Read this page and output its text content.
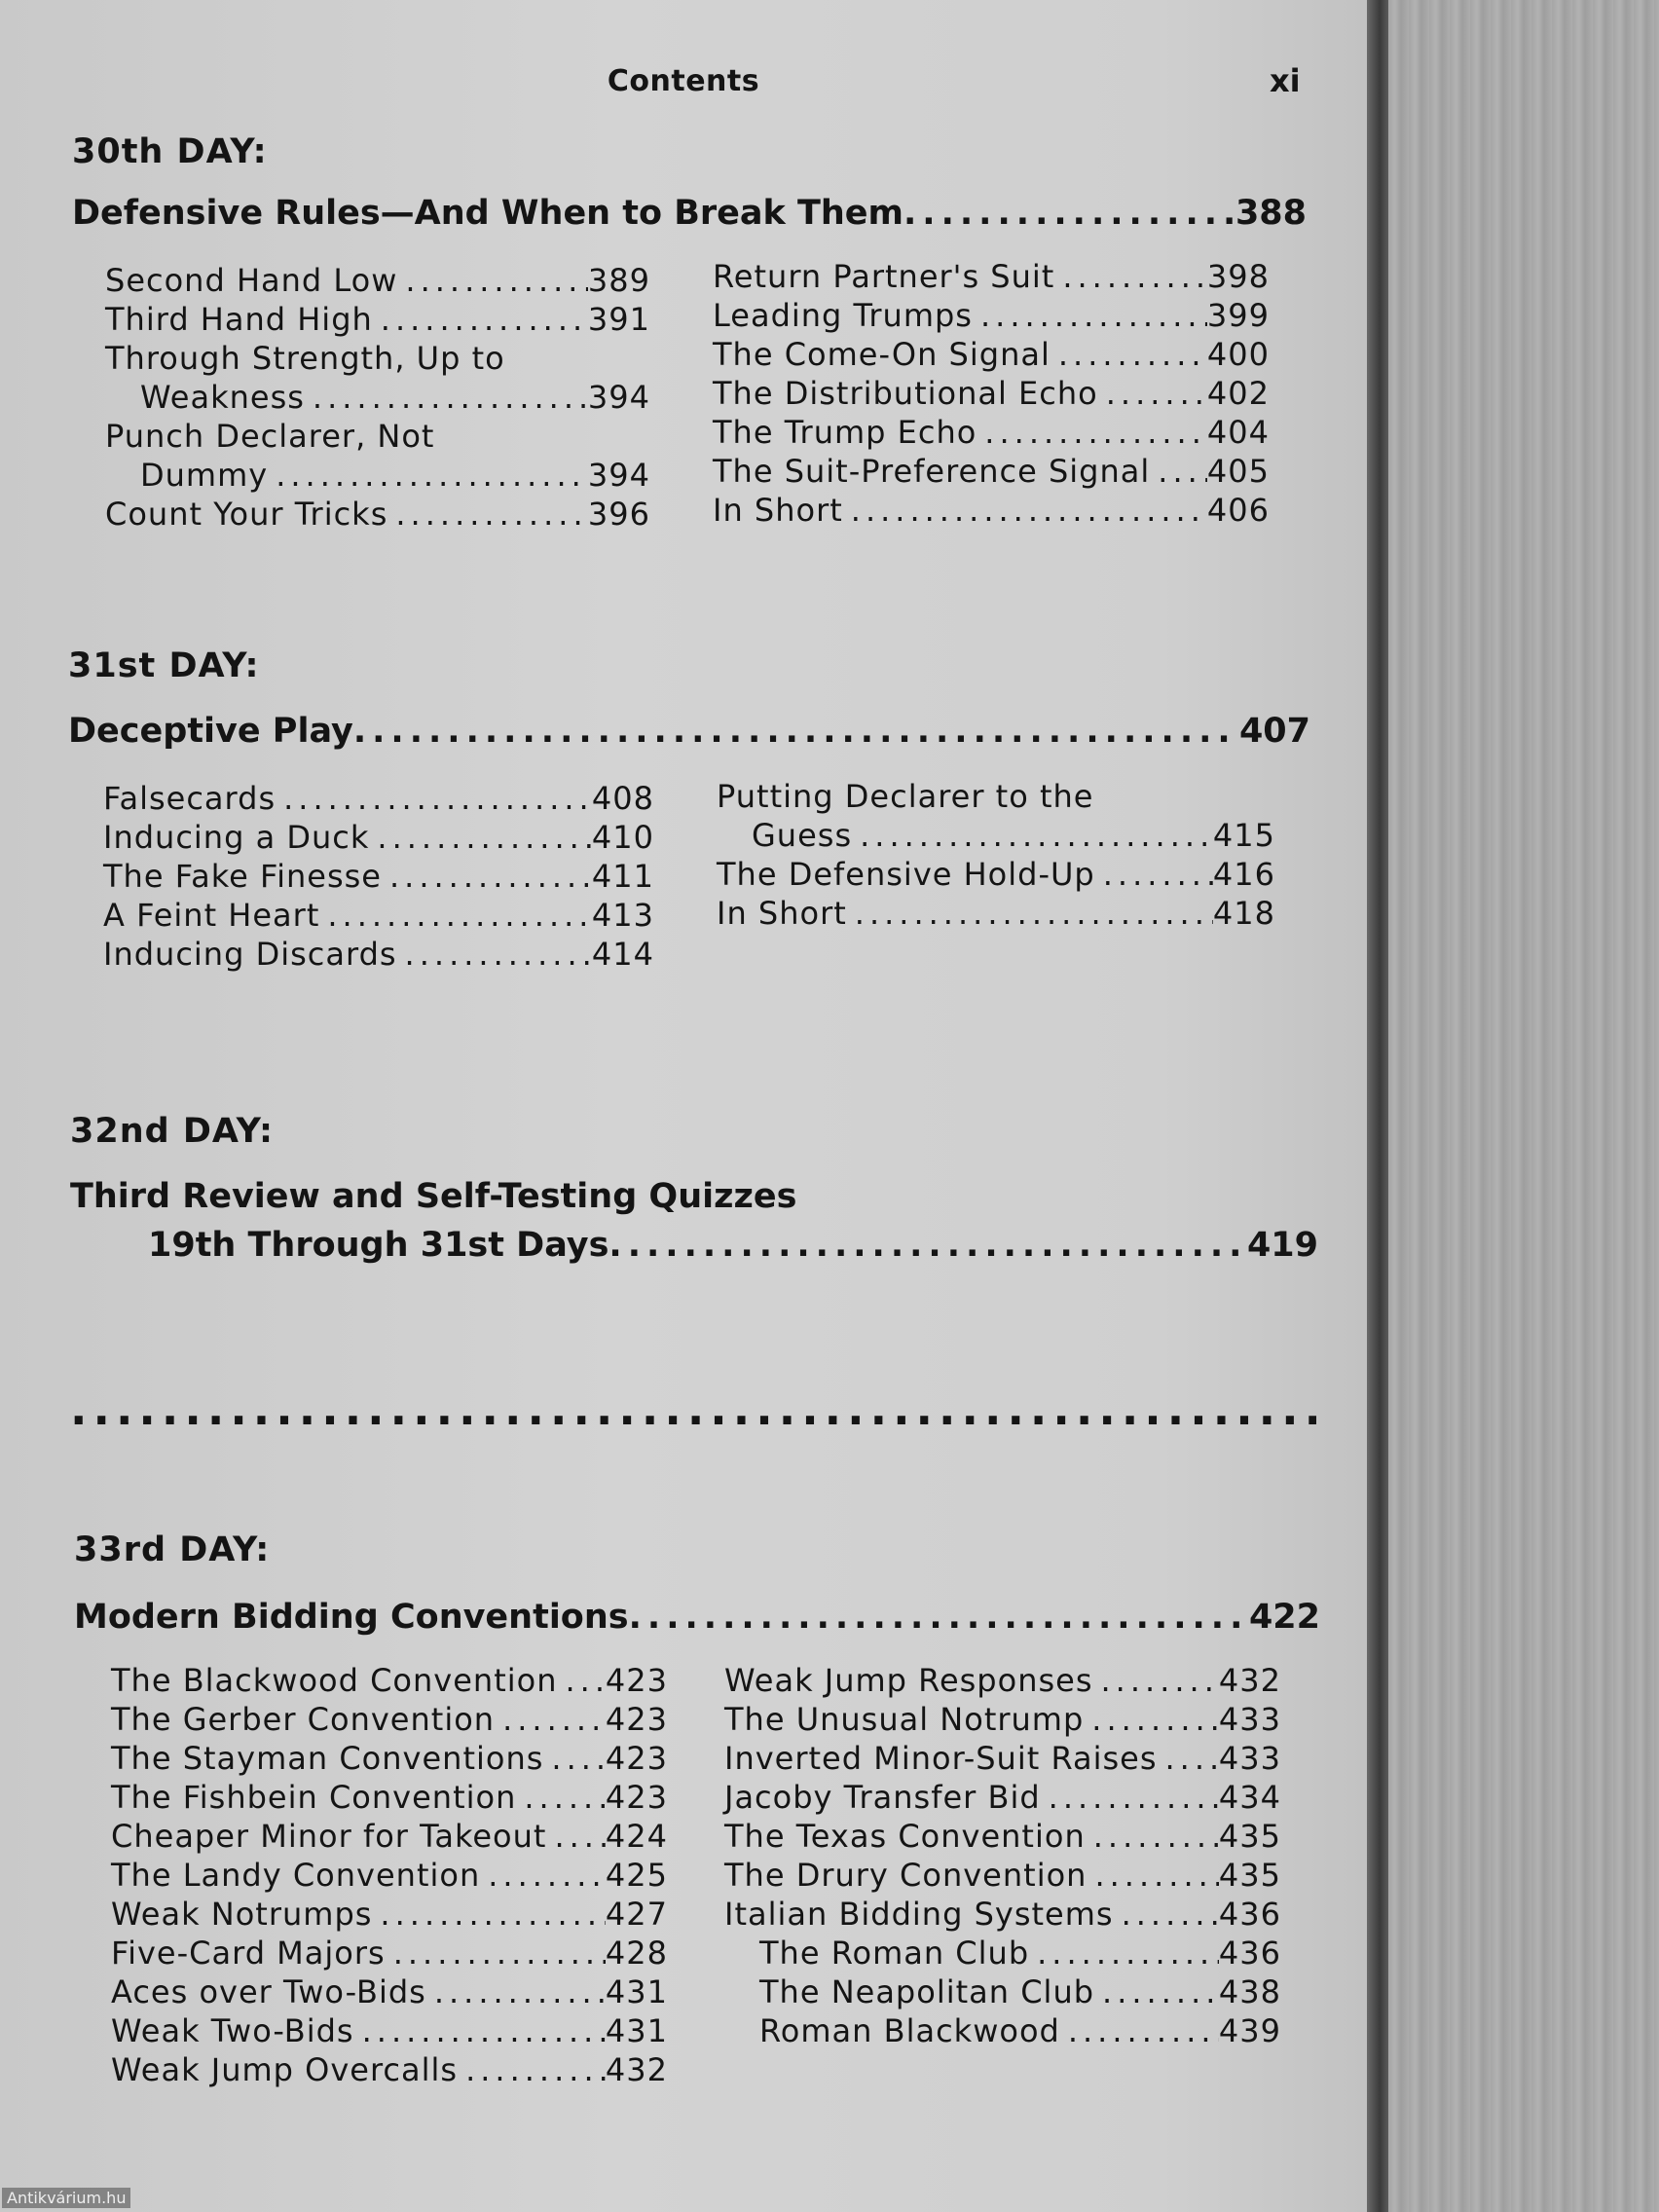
Contents	xi
30th DAY:
Defensive Rules—And When to Break Them .....	388
Second Hand Low .....	389
Third Hand High .....	391
Through Strength, Up to
Weakness .....	394
Punch Declarer, Not
Dummy .....	394
Count Your Tricks .....	396
Return Partner's Suit .....	398
Leading Trumps .....	399
The Come-On Signal .....	400
The Distributional Echo .....	402
The Trump Echo .....	404
The Suit-Preference Signal ..... 405
In Short .....	406
31st DAY:
Deceptive Play .....	407
Falsecards .....	408
Inducing a Duck .....	410
The Fake Finesse .....	411
A Feint Heart .....	413
Inducing Discards .....	414
Putting Declarer to the
Guess .....	415
The Defensive Hold-Up .....	416
In Short .....	418
32nd DAY:
Third Review and Self-Testing Quizzes
19th Through 31st Days .....	419
.....
33rd DAY:
Modern Bidding Conventions .....	422
The Blackwood Convention ..... 423
The Gerber Convention .....	423
The Stayman Conventions ..... 423
The Fishbein Convention .....	423
Cheaper Minor for Takeout ..... 424
The Landy Convention .....	425
Weak Notrumps .....	427
Five-Card Majors .....	428
Aces over Two-Bids .....	431
Weak Two-Bids .....	431
Weak Jump Overcalls .....	432
Weak Jump Responses .....	432
The Unusual Notrump .....	433
Inverted Minor-Suit Raises ..... 433
Jacoby Transfer Bid .....	434
The Texas Convention .....	435
The Drury Convention .....	435
Italian Bidding Systems .....	436
The Roman Club .....	436
The Neapolitan Club .....	438
Roman Blackwood .....	439
Antikvárium.hu
